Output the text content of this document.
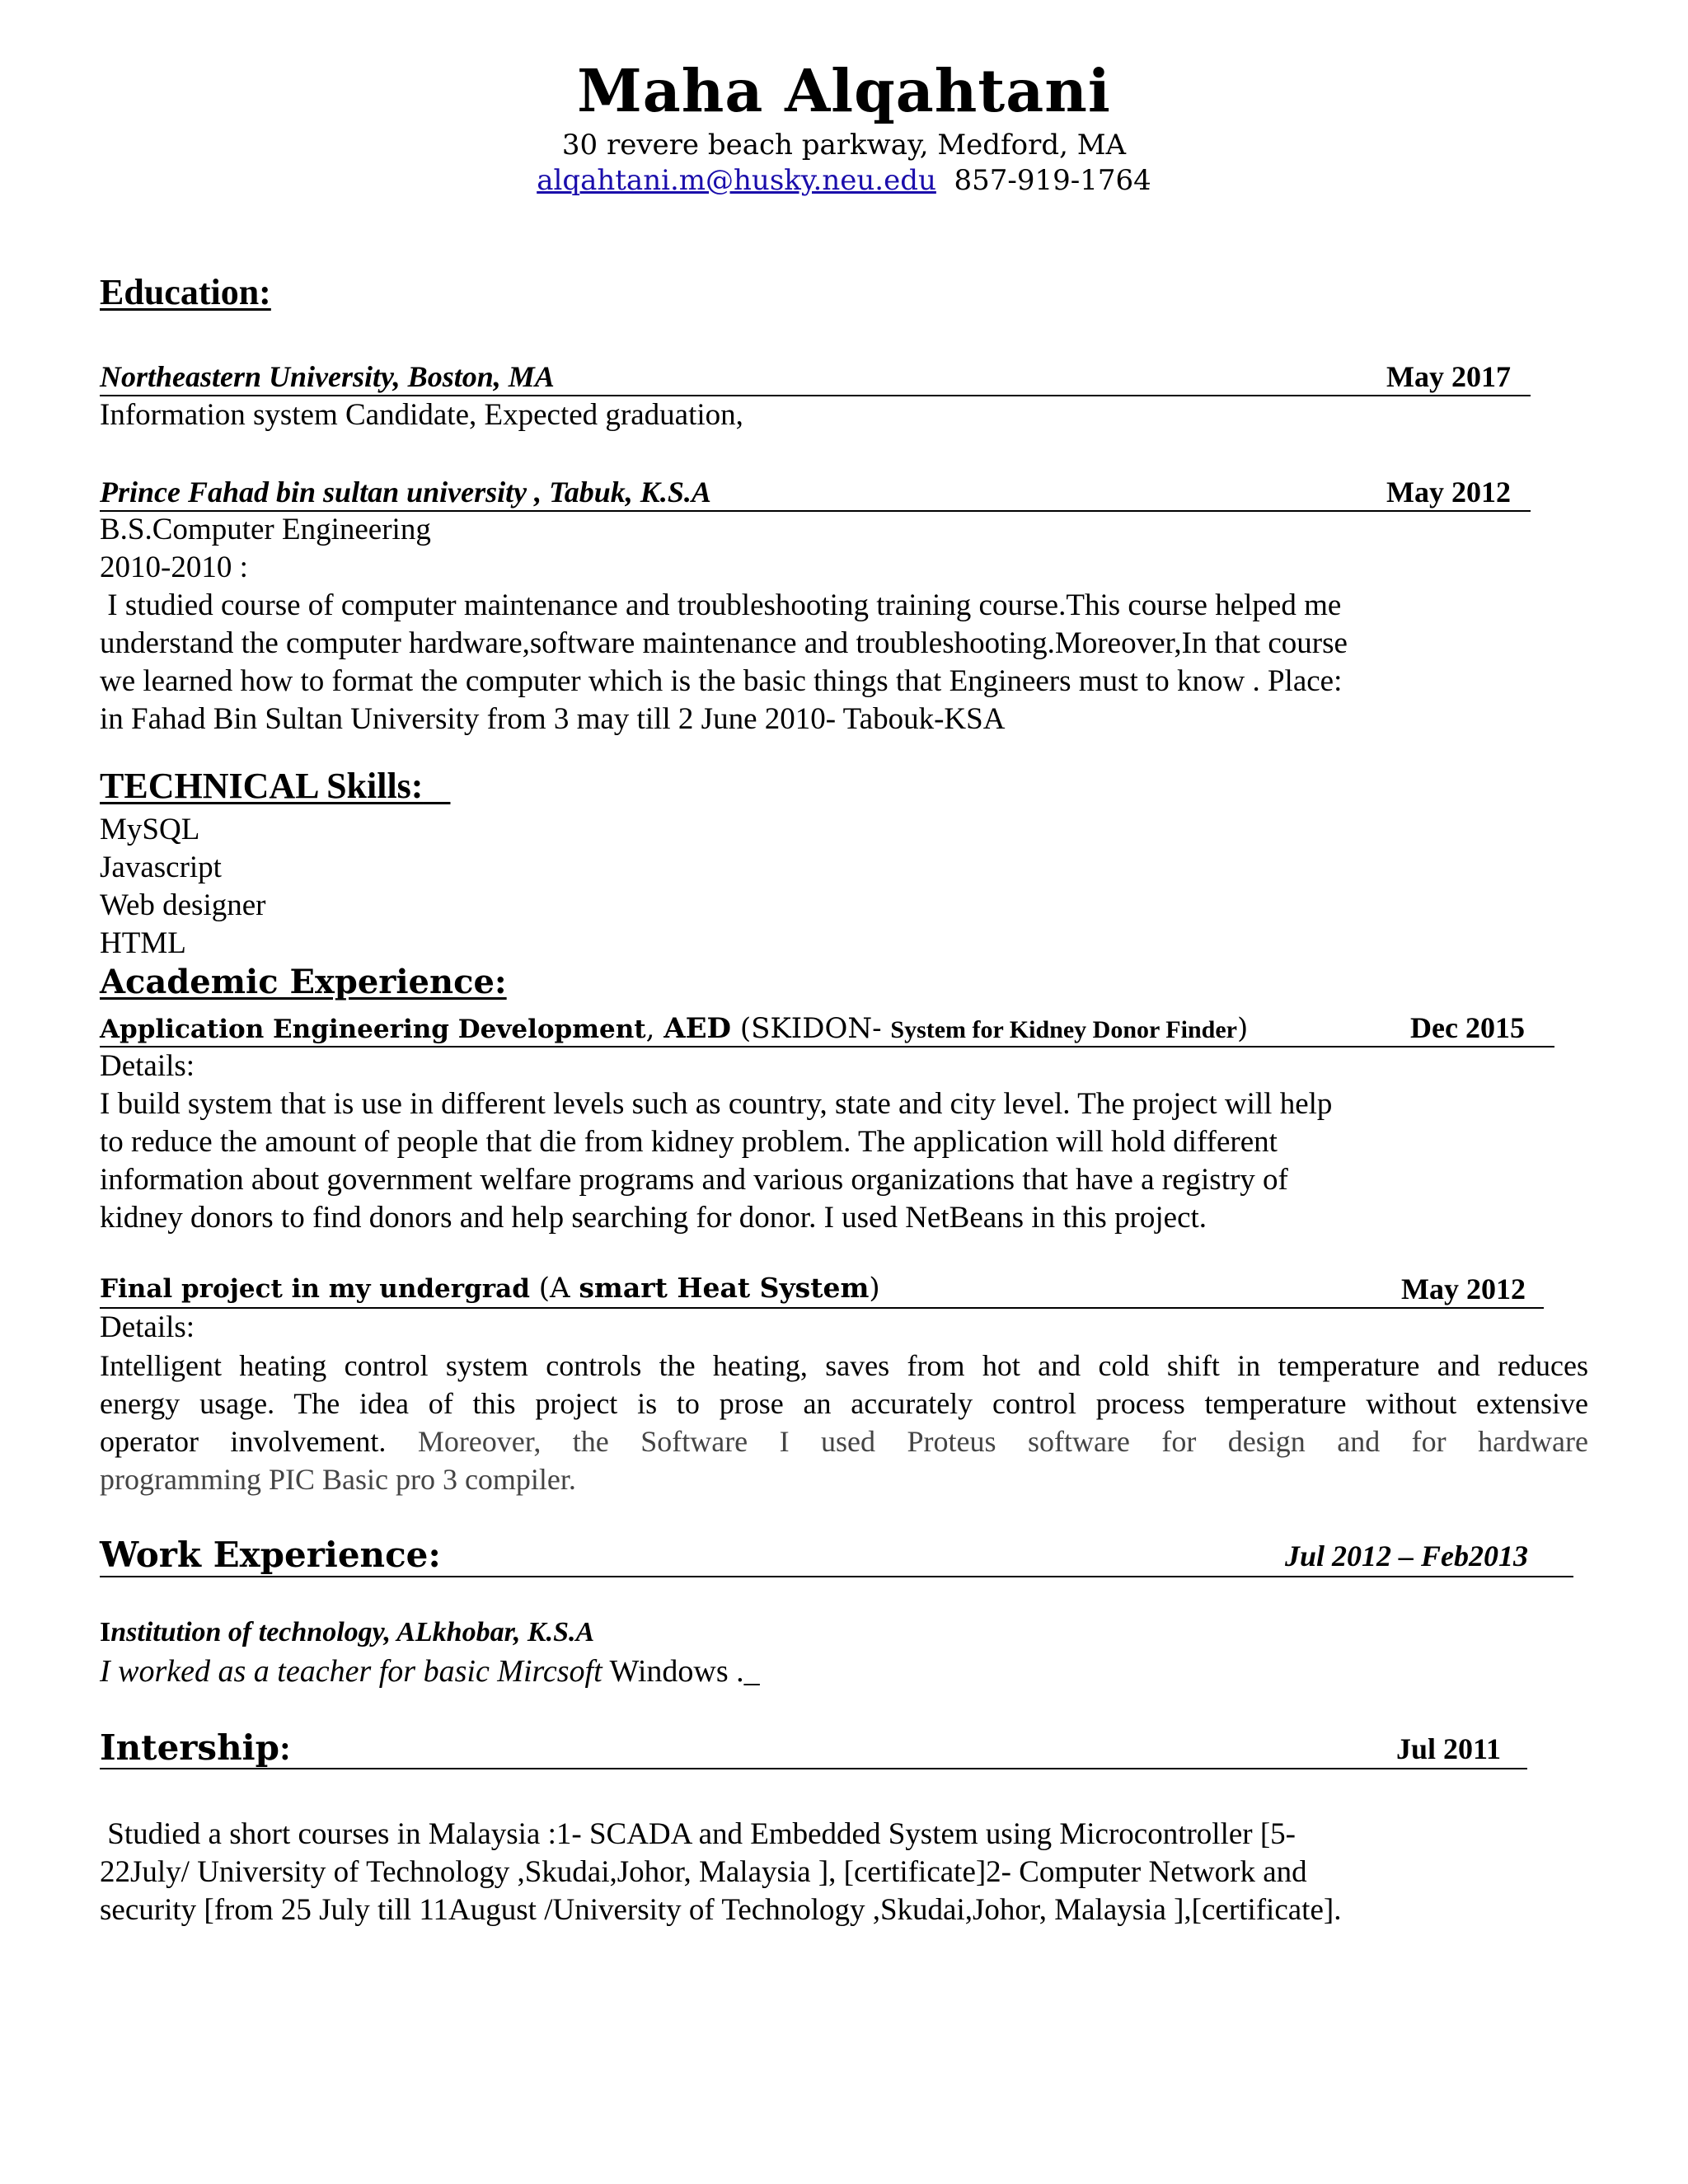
Maha Alqahtani
30 revere beach parkway, Medford, MA
alqahtani.m@husky.neu.edu 857-919-1764
Education:
Northeastern University, Boston, MA	May 2017
Information system Candidate, Expected graduation,
Prince Fahad bin sultan university , Tabuk, K.S.A	May 2012
B.S.Computer Engineering
2010-2010 :
I studied course of computer maintenance and troubleshooting training course.This course helped me
understand the computer hardware,software maintenance and troubleshooting.Moreover,In that course
we learned how to format the computer which is the basic things that Engineers must to know . Place:
in Fahad Bin Sultan University from 3 may till 2 June 2010- Tabouk-KSA
TECHNICAL Skills:
MySQL
Javascript
Web designer
HTML
Academic Experience:
Application Engineering Development, AED (SKIDON- System for Kidney Donor Finder)	Dec 2015
Details:
I build system that is use in different levels such as country, state and city level. The project will help
to reduce the amount of people that die from kidney problem. The application will hold different
information about government welfare programs and various organizations that have a registry of
kidney donors to find donors and help searching for donor. I used NetBeans in this project.
Final project in my undergrad (A smart Heat System)	May 2012
Details:
Intelligent heating control system controls the heating, saves from hot and cold shift in temperature and reduces
energy usage. The idea of this project is to prose an accurately control process temperature without extensive
operator involvement. Moreover, the Software I used Proteus software for design and for hardware
programming PIC Basic pro 3 compiler.
Work Experience:	Jul 2012 – Feb2013
Institution of technology, ALkhobar, K.S.A
I worked as a teacher for basic Mircsoft Windows ._
Intership:	Jul 2011
Studied a short courses in Malaysia :1- SCADA and Embedded System using Microcontroller [5-
22July/ University of Technology ,Skudai,Johor, Malaysia ], [certificate]2- Computer Network and
security [from 25 July till 11August /University of Technology ,Skudai,Johor, Malaysia ],[certificate].
